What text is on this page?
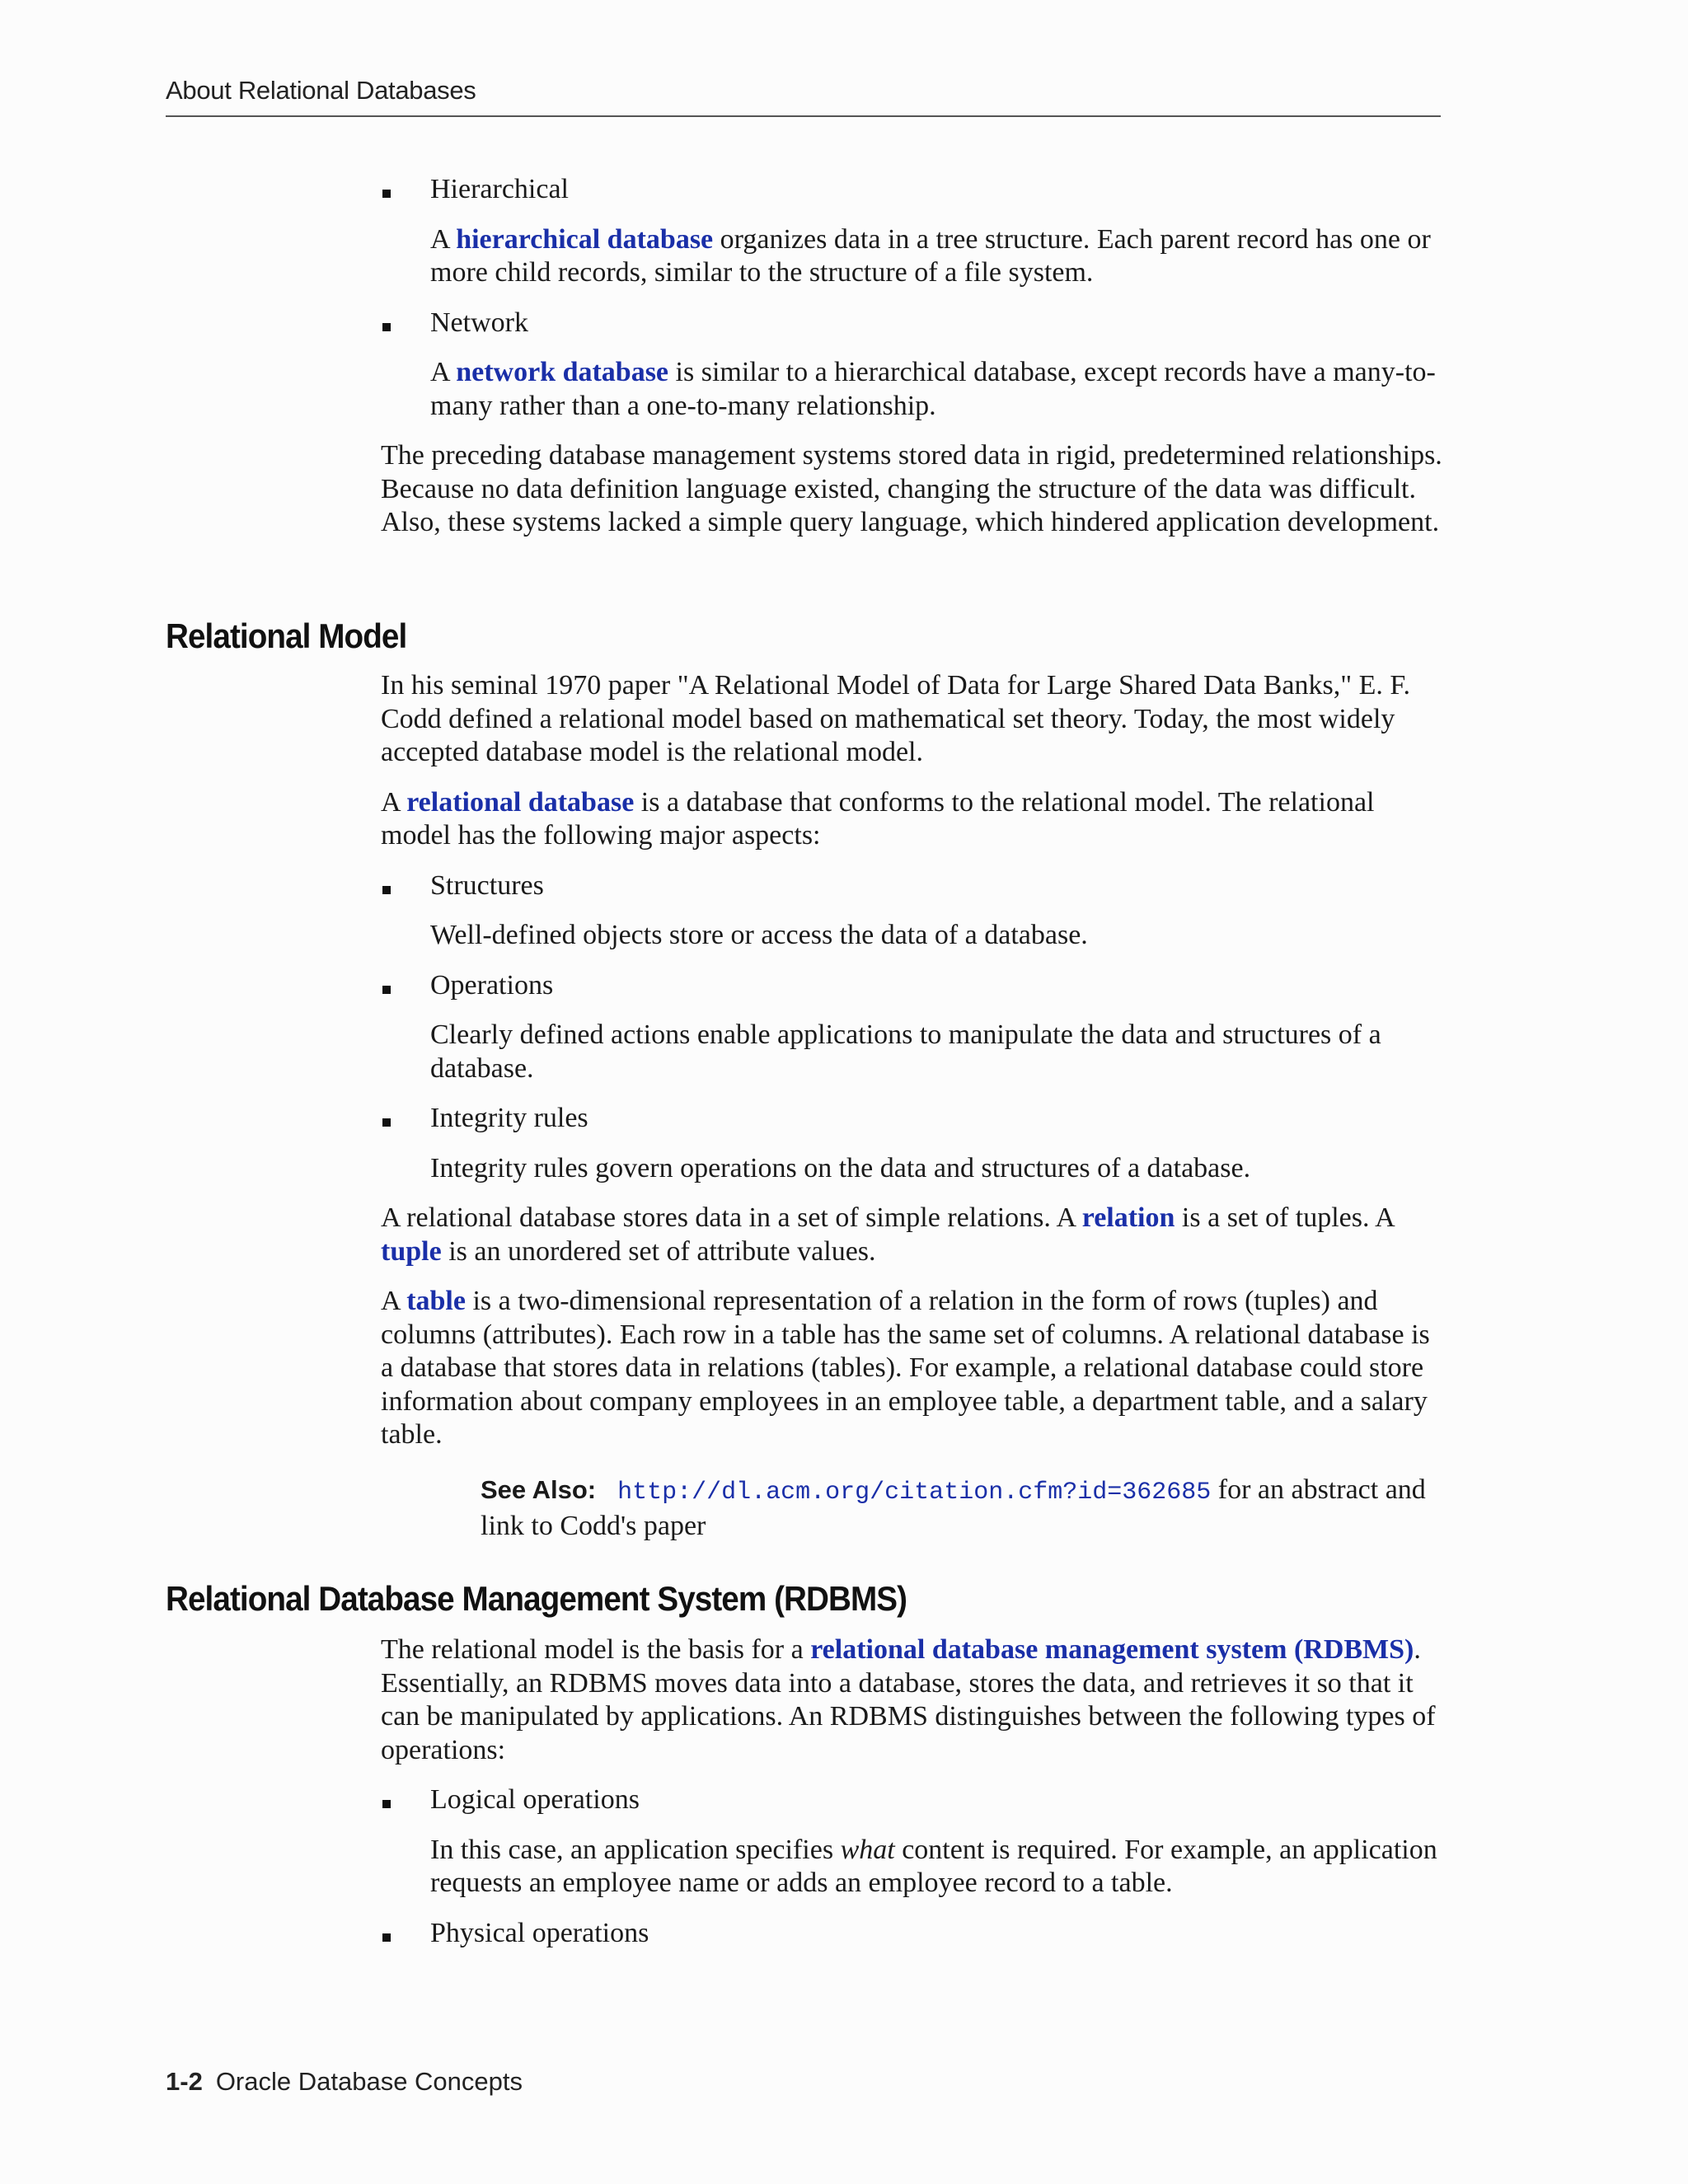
About Relational Databases
Hierarchical

A hierarchical database organizes data in a tree structure. Each parent record has one or more child records, similar to the structure of a file system.

Network

A network database is similar to a hierarchical database, except records have a many-to-many rather than a one-to-many relationship.

The preceding database management systems stored data in rigid, predetermined relationships. Because no data definition language existed, changing the structure of the data was difficult. Also, these systems lacked a simple query language, which hindered application development.

Relational Model

In his seminal 1970 paper "A Relational Model of Data for Large Shared Data Banks," E. F. Codd defined a relational model based on mathematical set theory. Today, the most widely accepted database model is the relational model.

A relational database is a database that conforms to the relational model. The relational model has the following major aspects:

Structures

Well-defined objects store or access the data of a database.

Operations

Clearly defined actions enable applications to manipulate the data and structures of a database.

Integrity rules

Integrity rules govern operations on the data and structures of a database.

A relational database stores data in a set of simple relations. A relation is a set of tuples. A tuple is an unordered set of attribute values.

A table is a two-dimensional representation of a relation in the form of rows (tuples) and columns (attributes). Each row in a table has the same set of columns. A relational database is a database that stores data in relations (tables). For example, a relational database could store information about company employees in an employee table, a department table, and a salary table.

See Also: http://dl.acm.org/citation.cfm?id=362685 for an abstract and link to Codd's paper
Relational Database Management System (RDBMS)

The relational model is the basis for a relational database management system (RDBMS). Essentially, an RDBMS moves data into a database, stores the data, and retrieves it so that it can be manipulated by applications. An RDBMS distinguishes between the following types of operations:

Logical operations

In this case, an application specifies what content is required. For example, an application requests an employee name or adds an employee record to a table.

Physical operations
1-2 Oracle Database Concepts
